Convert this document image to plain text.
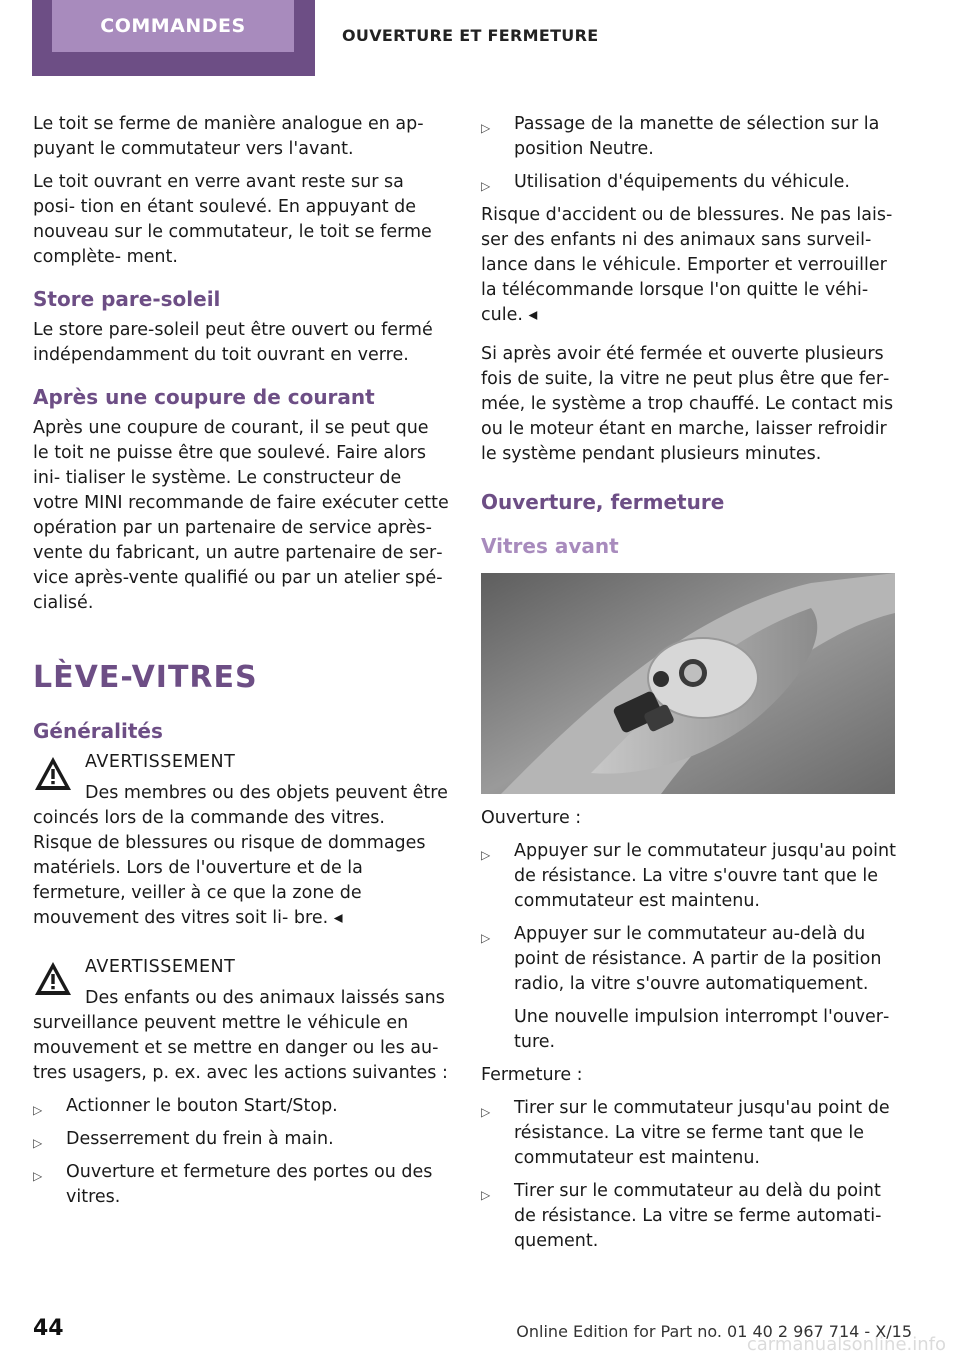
COMMANDES	OUVERTURE ET FERMETURE

Le toit se ferme de manière analogue en ap‐ puyant le commutateur vers l'avant.

Le toit ouvrant en verre avant reste sur sa posi‐ tion en étant soulevé. En appuyant de nouveau sur le commutateur, le toit se ferme complète‐ ment.

Store pare-soleil

Le store pare-soleil peut être ouvert ou fermé indépendamment du toit ouvrant en verre.

Après une coupure de courant

Après une coupure de courant, il se peut que le toit ne puisse être que soulevé. Faire alors ini‐ tialiser le système. Le constructeur de votre MINI recommande de faire exécuter cette opération par un partenaire de service après‐ vente du fabricant, un autre partenaire de ser‐ vice après-vente qualifié ou par un atelier spé‐ cialisé.

LÈVE-VITRES
Généralités
AVERTISSEMENT
Des membres ou des objets peuvent être coincés lors de la commande des vitres. Risque de blessures ou risque de dommages matériels. Lors de l'ouverture et de la fermeture, veiller à ce que la zone de mouvement des vitres soit li‐ bre. ◂
AVERTISSEMENT
Des enfants ou des animaux laissés sans surveillance peuvent mettre le véhicule en mouvement et se mettre en danger ou les au‐ tres usagers, p. ex. avec les actions suivantes :
▷ Actionner le bouton Start/Stop.
▷ Desserrement du frein à main.
▷ Ouverture et fermeture des portes ou des vitres.
▷ Passage de la manette de sélection sur la position Neutre.
▷ Utilisation d'équipements du véhicule.

Risque d'accident ou de blessures. Ne pas lais‐ ser des enfants ni des animaux sans surveil‐ lance dans le véhicule. Emporter et verrouiller la télécommande lorsque l'on quitte le véhi‐ cule. ◂

Si après avoir été fermée et ouverte plusieurs fois de suite, la vitre ne peut plus être que fer‐ mée, le système a trop chauffé. Le contact mis ou le moteur étant en marche, laisser refroidir le système pendant plusieurs minutes.

Ouverture, fermeture
Vitres avant

Ouverture :

▷ Appuyer sur le commutateur jusqu'au point de résistance. La vitre s'ouvre tant que le commutateur est maintenu.
▷ Appuyer sur le commutateur au-delà du point de résistance. A partir de la position radio, la vitre s'ouvre automatiquement.

Une nouvelle impulsion interrompt l'ouver‐ ture.

Fermeture :

▷ Tirer sur le commutateur jusqu'au point de résistance. La vitre se ferme tant que le commutateur est maintenu.
▷ Tirer sur le commutateur au delà du point de résistance. La vitre se ferme automati‐ quement.
44	Online Edition for Part no. 01 40 2 967 714 - X/15
carmanualsonline.info
